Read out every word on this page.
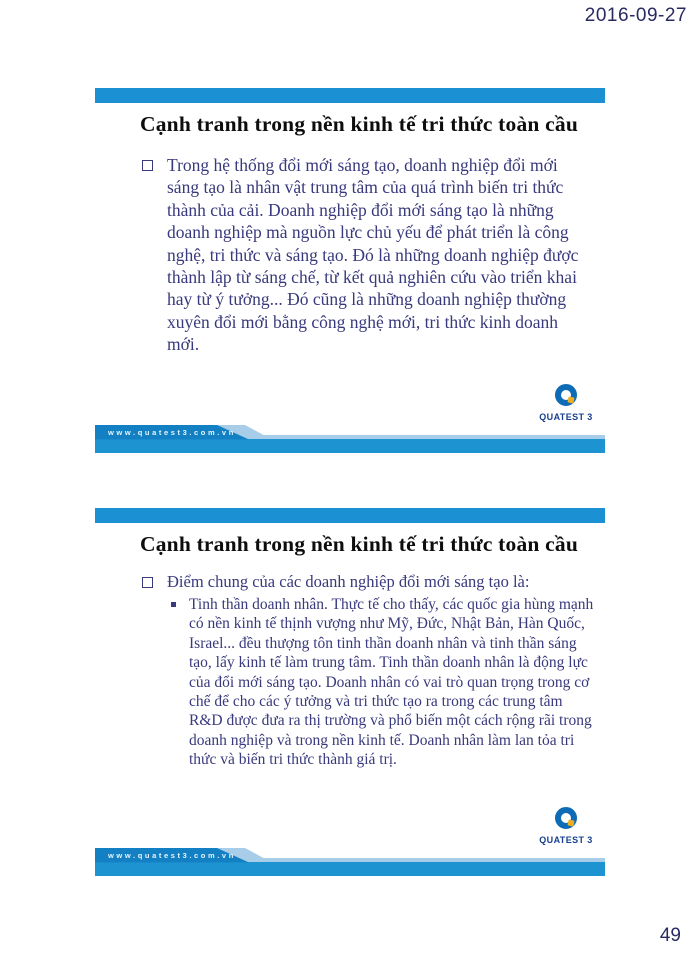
2016-09-27
Cạnh tranh trong nền kinh tế tri thức toàn cầu
Trong hệ thống đổi mới sáng tạo, doanh nghiệp đổi mới sáng tạo là nhân vật trung tâm của quá trình biến tri thức thành của cải. Doanh nghiệp đổi mới sáng tạo là những doanh nghiệp mà nguồn lực chủ yếu để phát triển là công nghệ, tri thức và sáng tạo. Đó là những doanh nghiệp được thành lập từ sáng chế, từ kết quả nghiên cứu vào triển khai hay từ ý tưởng... Đó cũng là những doanh nghiệp thường xuyên đổi mới bằng công nghệ mới, tri thức kinh doanh mới.
QUATEST 3
www.quatest3.com.vn
Cạnh tranh trong nền kinh tế tri thức toàn cầu
Điểm chung của các doanh nghiệp đổi mới sáng tạo là:
Tinh thần doanh nhân. Thực tế cho thấy, các quốc gia hùng mạnh có nền kinh tế thịnh vượng như Mỹ, Đức, Nhật Bản, Hàn Quốc, Israel... đều thượng tôn tinh thần doanh nhân và tinh thần sáng tạo, lấy kinh tế làm trung tâm. Tinh thần doanh nhân là động lực của đổi mới sáng tạo. Doanh nhân có vai trò quan trọng trong cơ chế để cho các ý tưởng và tri thức tạo ra trong các trung tâm R&D được đưa ra thị trường và phổ biến một cách rộng rãi trong doanh nghiệp và trong nền kinh tế. Doanh nhân làm lan tỏa tri thức và biến tri thức thành giá trị.
QUATEST 3
www.quatest3.com.vn
49
